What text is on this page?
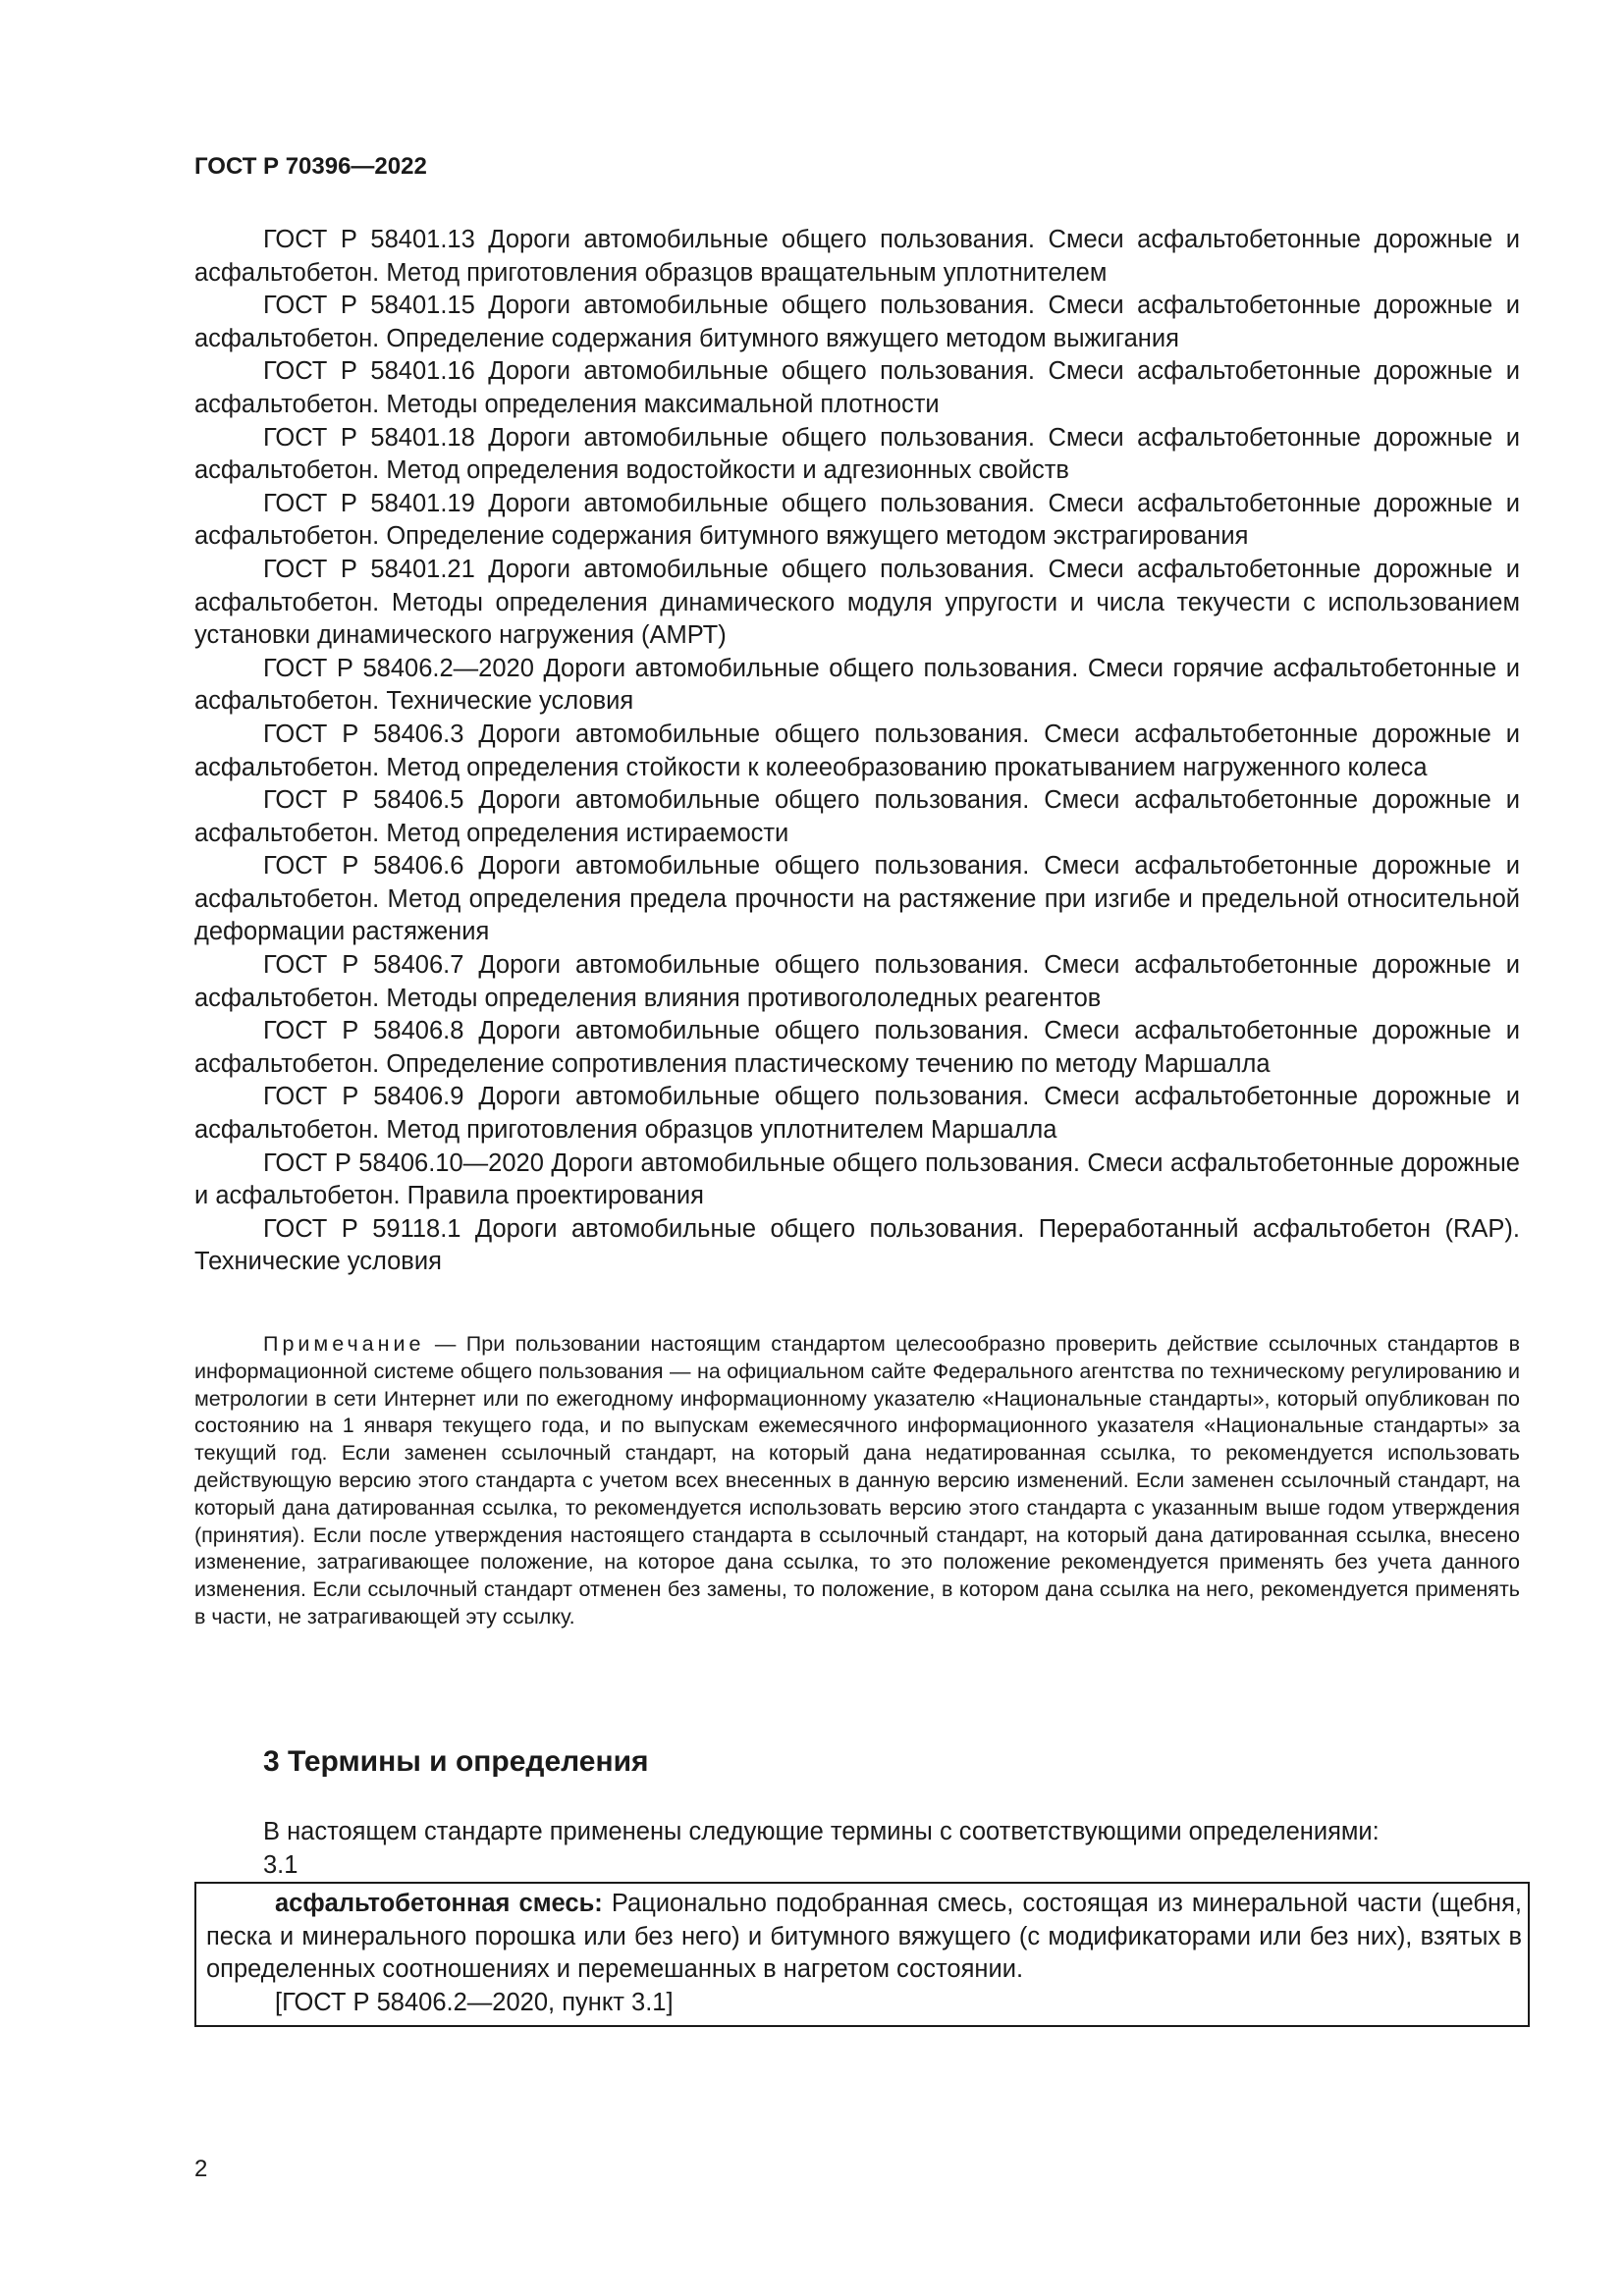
ГОСТ Р 70396—2022

ГОСТ Р 58401.13 Дороги автомобильные общего пользования. Смеси асфальтобетонные дорожные и асфальтобетон. Метод приготовления образцов вращательным уплотнителем

ГОСТ Р 58401.15 Дороги автомобильные общего пользования. Смеси асфальтобетонные дорожные и асфальтобетон. Определение содержания битумного вяжущего методом выжигания

ГОСТ Р 58401.16 Дороги автомобильные общего пользования. Смеси асфальтобетонные дорожные и асфальтобетон. Методы определения максимальной плотности

ГОСТ Р 58401.18 Дороги автомобильные общего пользования. Смеси асфальтобетонные дорожные и асфальтобетон. Метод определения водостойкости и адгезионных свойств

ГОСТ Р 58401.19 Дороги автомобильные общего пользования. Смеси асфальтобетонные дорожные и асфальтобетон. Определение содержания битумного вяжущего методом экстрагирования

ГОСТ Р 58401.21 Дороги автомобильные общего пользования. Смеси асфальтобетонные дорожные и асфальтобетон. Методы определения динамического модуля упругости и числа текучести с использованием установки динамического нагружения (АМРТ)

ГОСТ Р 58406.2—2020 Дороги автомобильные общего пользования. Смеси горячие асфальтобетонные и асфальтобетон. Технические условия

ГОСТ Р 58406.3 Дороги автомобильные общего пользования. Смеси асфальтобетонные дорожные и асфальтобетон. Метод определения стойкости к колееобразованию прокатыванием нагруженного колеса

ГОСТ Р 58406.5 Дороги автомобильные общего пользования. Смеси асфальтобетонные дорожные и асфальтобетон. Метод определения истираемости

ГОСТ Р 58406.6 Дороги автомобильные общего пользования. Смеси асфальтобетонные дорожные и асфальтобетон. Метод определения предела прочности на растяжение при изгибе и предельной относительной деформации растяжения

ГОСТ Р 58406.7 Дороги автомобильные общего пользования. Смеси асфальтобетонные дорожные и асфальтобетон. Методы определения влияния противогололедных реагентов

ГОСТ Р 58406.8 Дороги автомобильные общего пользования. Смеси асфальтобетонные дорожные и асфальтобетон. Определение сопротивления пластическому течению по методу Маршалла

ГОСТ Р 58406.9 Дороги автомобильные общего пользования. Смеси асфальтобетонные дорожные и асфальтобетон. Метод приготовления образцов уплотнителем Маршалла

ГОСТ Р 58406.10—2020 Дороги автомобильные общего пользования. Смеси асфальтобетонные дорожные и асфальтобетон. Правила проектирования

ГОСТ Р 59118.1 Дороги автомобильные общего пользования. Переработанный асфальтобетон (RAP). Технические условия

Примечание — При пользовании настоящим стандартом целесообразно проверить действие ссылочных стандартов в информационной системе общего пользования — на официальном сайте Федерального агентства по техническому регулированию и метрологии в сети Интернет или по ежегодному информационному указателю «Национальные стандарты», который опубликован по состоянию на 1 января текущего года, и по выпускам ежемесячного информационного указателя «Национальные стандарты» за текущий год. Если заменен ссылочный стандарт, на который дана недатированная ссылка, то рекомендуется использовать действующую версию этого стандарта с учетом всех внесенных в данную версию изменений. Если заменен ссылочный стандарт, на который дана датированная ссылка, то рекомендуется использовать версию этого стандарта с указанным выше годом утверждения (принятия). Если после утверждения настоящего стандарта в ссылочный стандарт, на который дана датированная ссылка, внесено изменение, затрагивающее положение, на которое дана ссылка, то это положение рекомендуется применять без учета данного изменения. Если ссылочный стандарт отменен без замены, то положение, в котором дана ссылка на него, рекомендуется применять в части, не затрагивающей эту ссылку.

3 Термины и определения

В настоящем стандарте применены следующие термины с соответствующими определениями:

3.1

асфальтобетонная смесь: Рационально подобранная смесь, состоящая из минеральной части (щебня, песка и минерального порошка или без него) и битумного вяжущего (с модификаторами или без них), взятых в определенных соотношениях и перемешанных в нагретом состоянии.

[ГОСТ Р 58406.2—2020, пункт 3.1]

2
